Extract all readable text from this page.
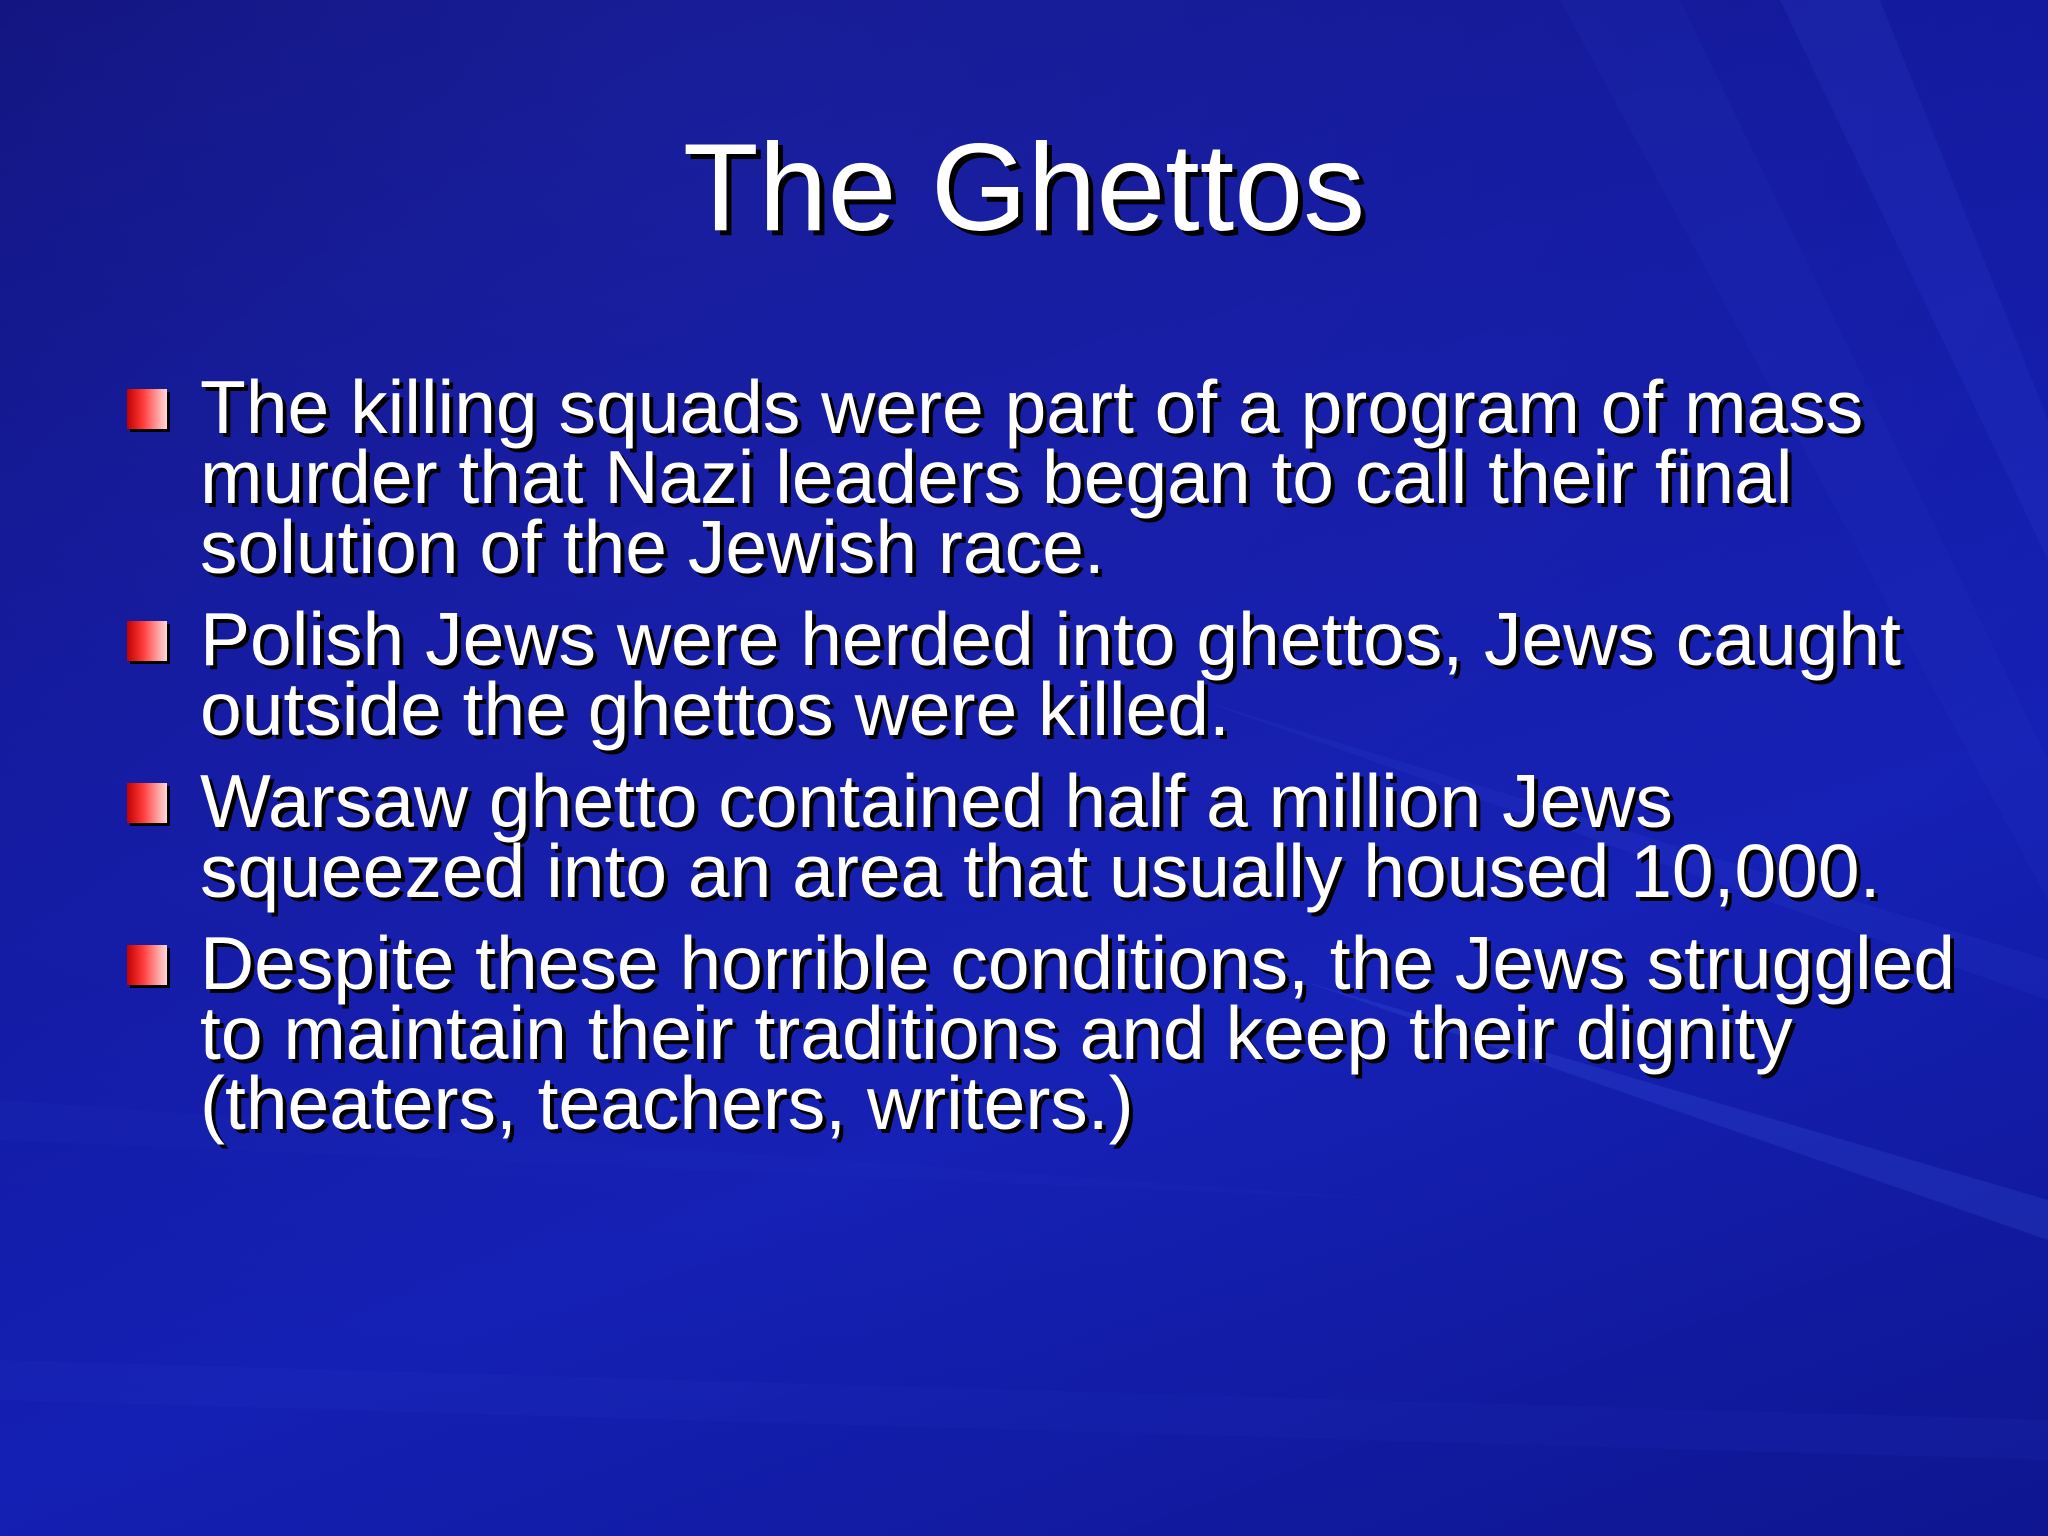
The Ghettos
The killing squads were part of a program of mass murder that Nazi leaders began to call their final solution of the Jewish race.
Polish Jews were herded into ghettos, Jews caught outside the ghettos were killed.
Warsaw ghetto contained half a million Jews squeezed into an area that usually housed 10,000.
Despite these horrible conditions, the Jews struggled to maintain their traditions and keep their dignity (theaters, teachers, writers.)
